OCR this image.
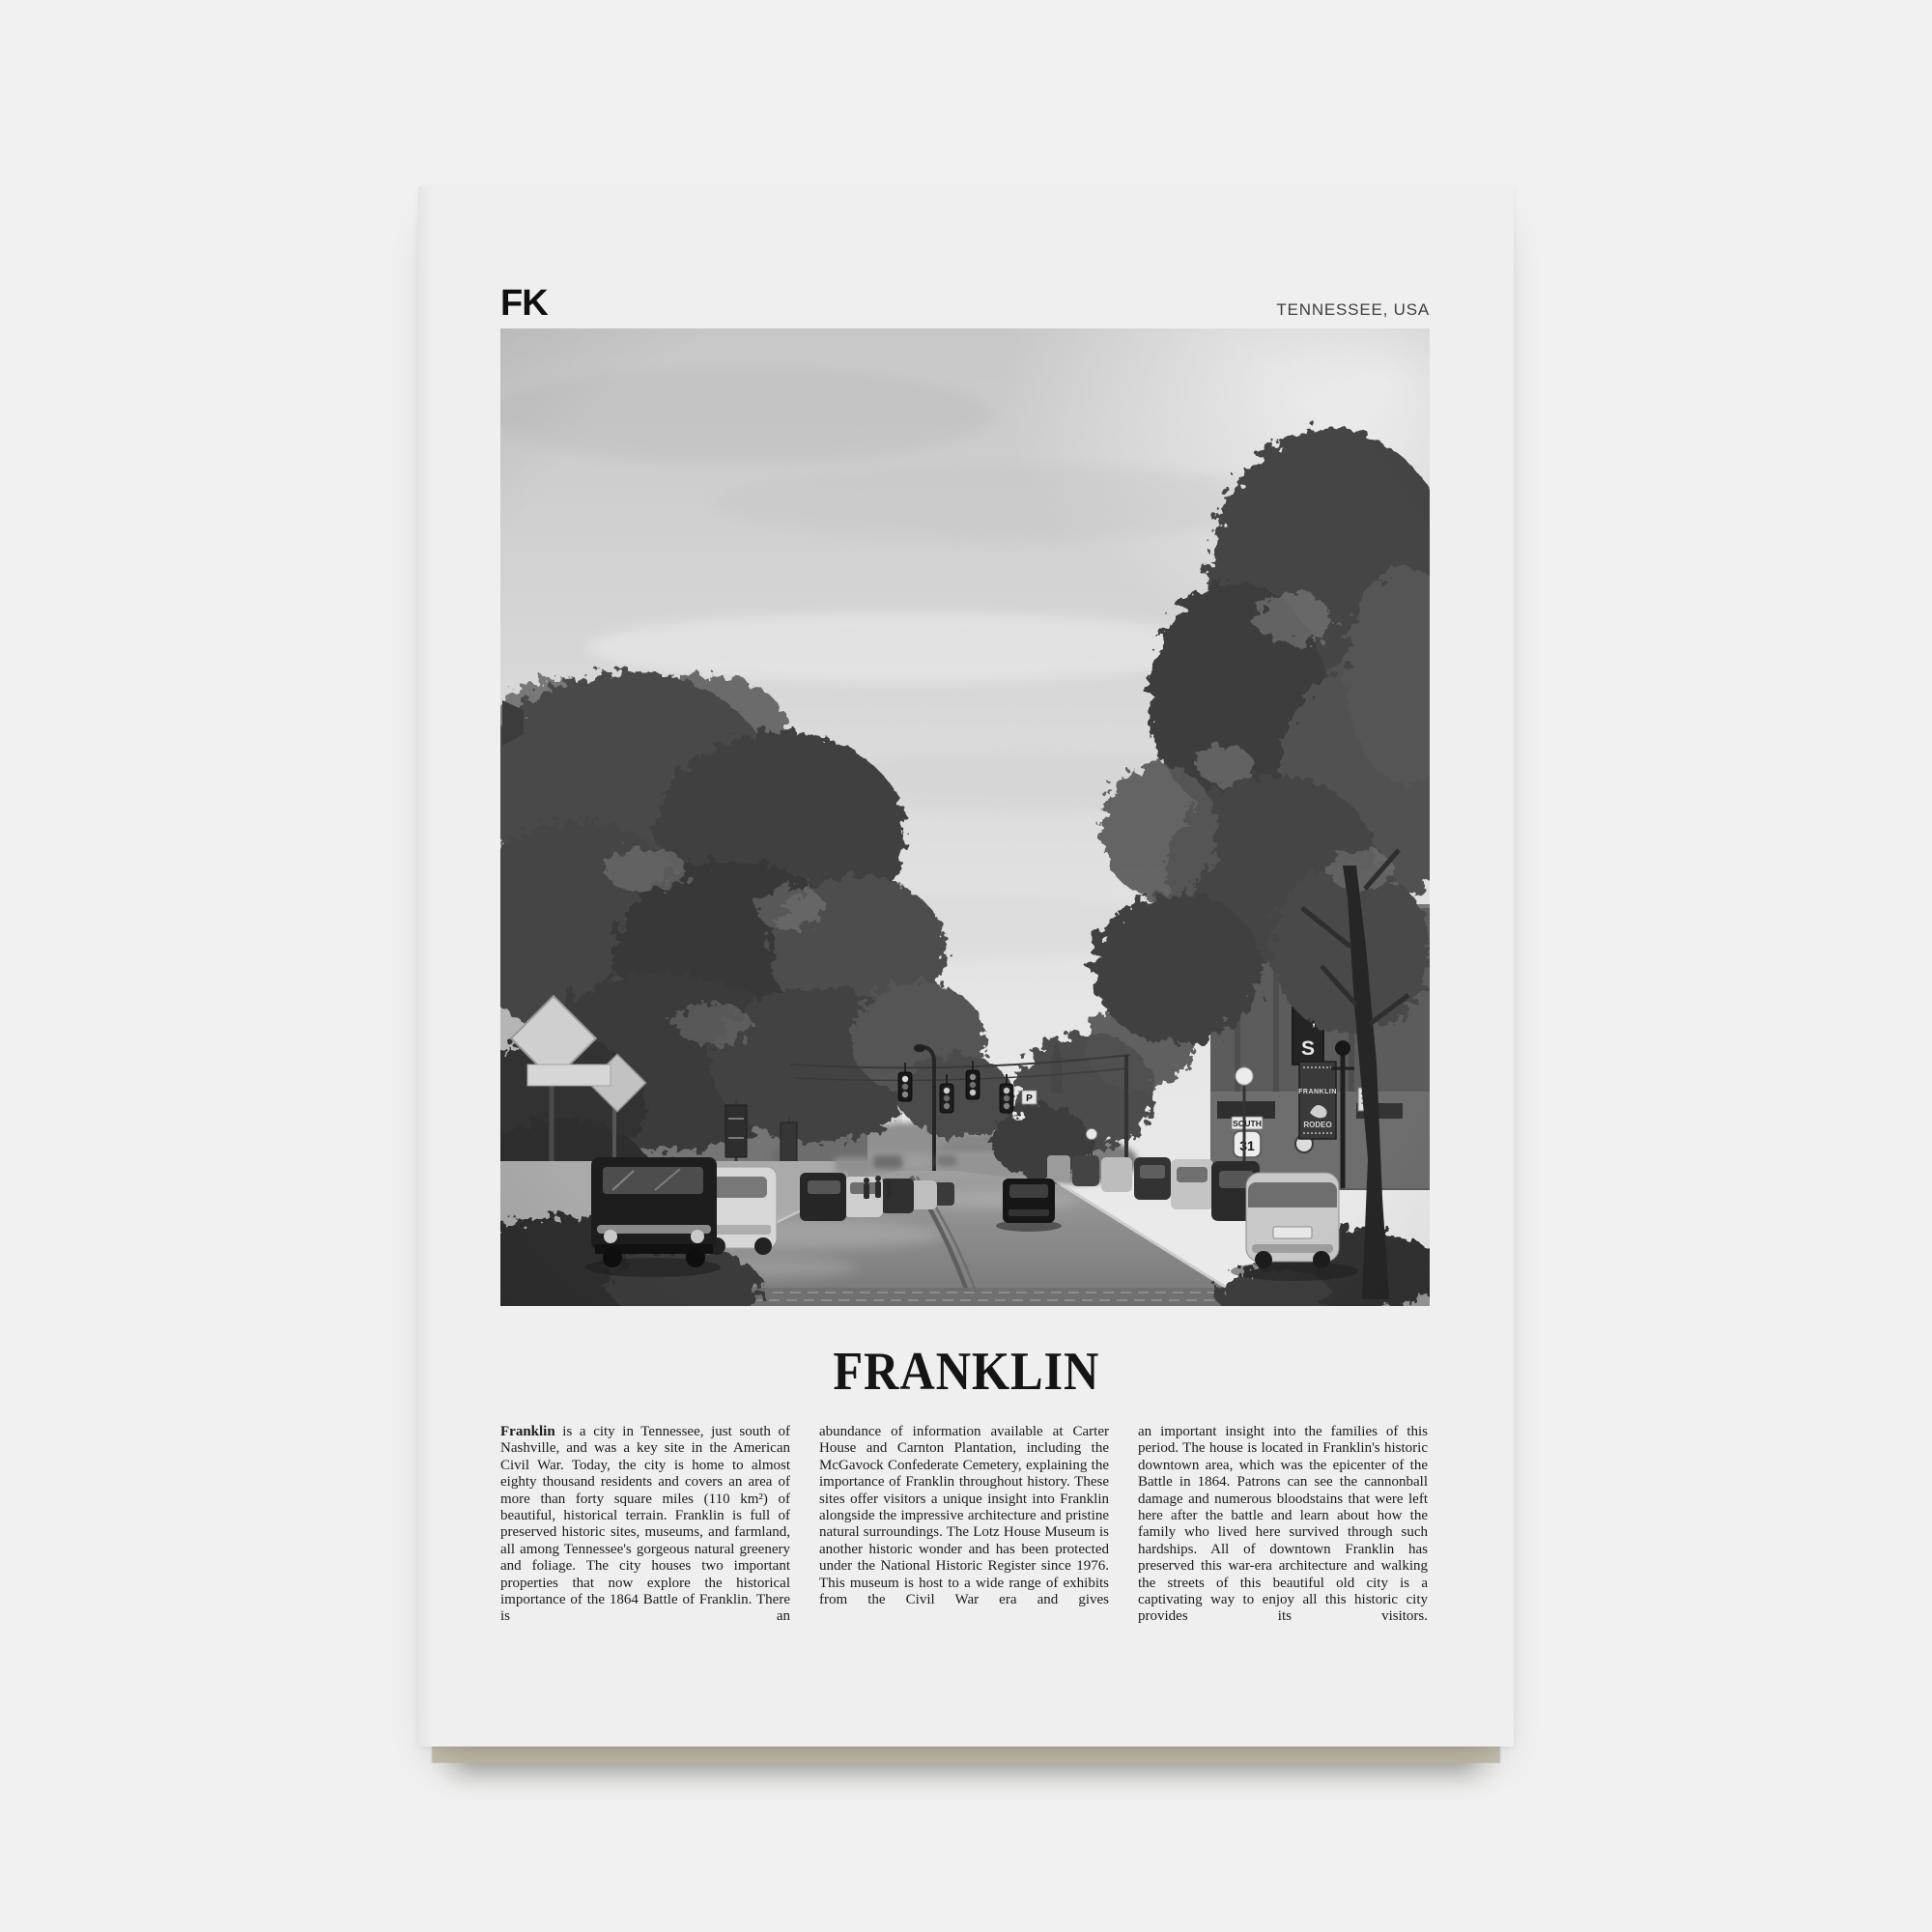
FK	TENNESSEE, USA
FRANKLIN
Franklin is a city in Tennessee, just south of Nashville, and was a key site in the American Civil War. Today, the city is home to almost eighty thousand residents and covers an area of more than forty square miles (110 km²) of beautiful, historical terrain. Franklin is full of preserved historic sites, museums, and farmland, all among Tennessee's gorgeous natural greenery and foliage. The city houses two important properties that now explore the historical importance of the 1864 Battle of Franklin. There is an
abundance of information available at Carter House and Carnton Plantation, including the McGavock Confederate Cemetery, explaining the importance of Franklin throughout history. These sites offer visitors a unique insight into Franklin alongside the impressive architecture and pristine natural surroundings. The Lotz House Museum is another historic wonder and has been protected under the National Historic Register since 1976. This museum is host to a wide range of exhibits from the Civil War era and gives
an important insight into the families of this period. The house is located in Franklin's historic downtown area, which was the epicenter of the Battle in 1864. Patrons can see the cannonball damage and numerous bloodstains that were left here after the battle and learn about how the family who lived here survived through such hardships. All of downtown Franklin has preserved this war-era architecture and walking the streets of this beautiful old city is a captivating way to enjoy all this historic city provides its visitors.
